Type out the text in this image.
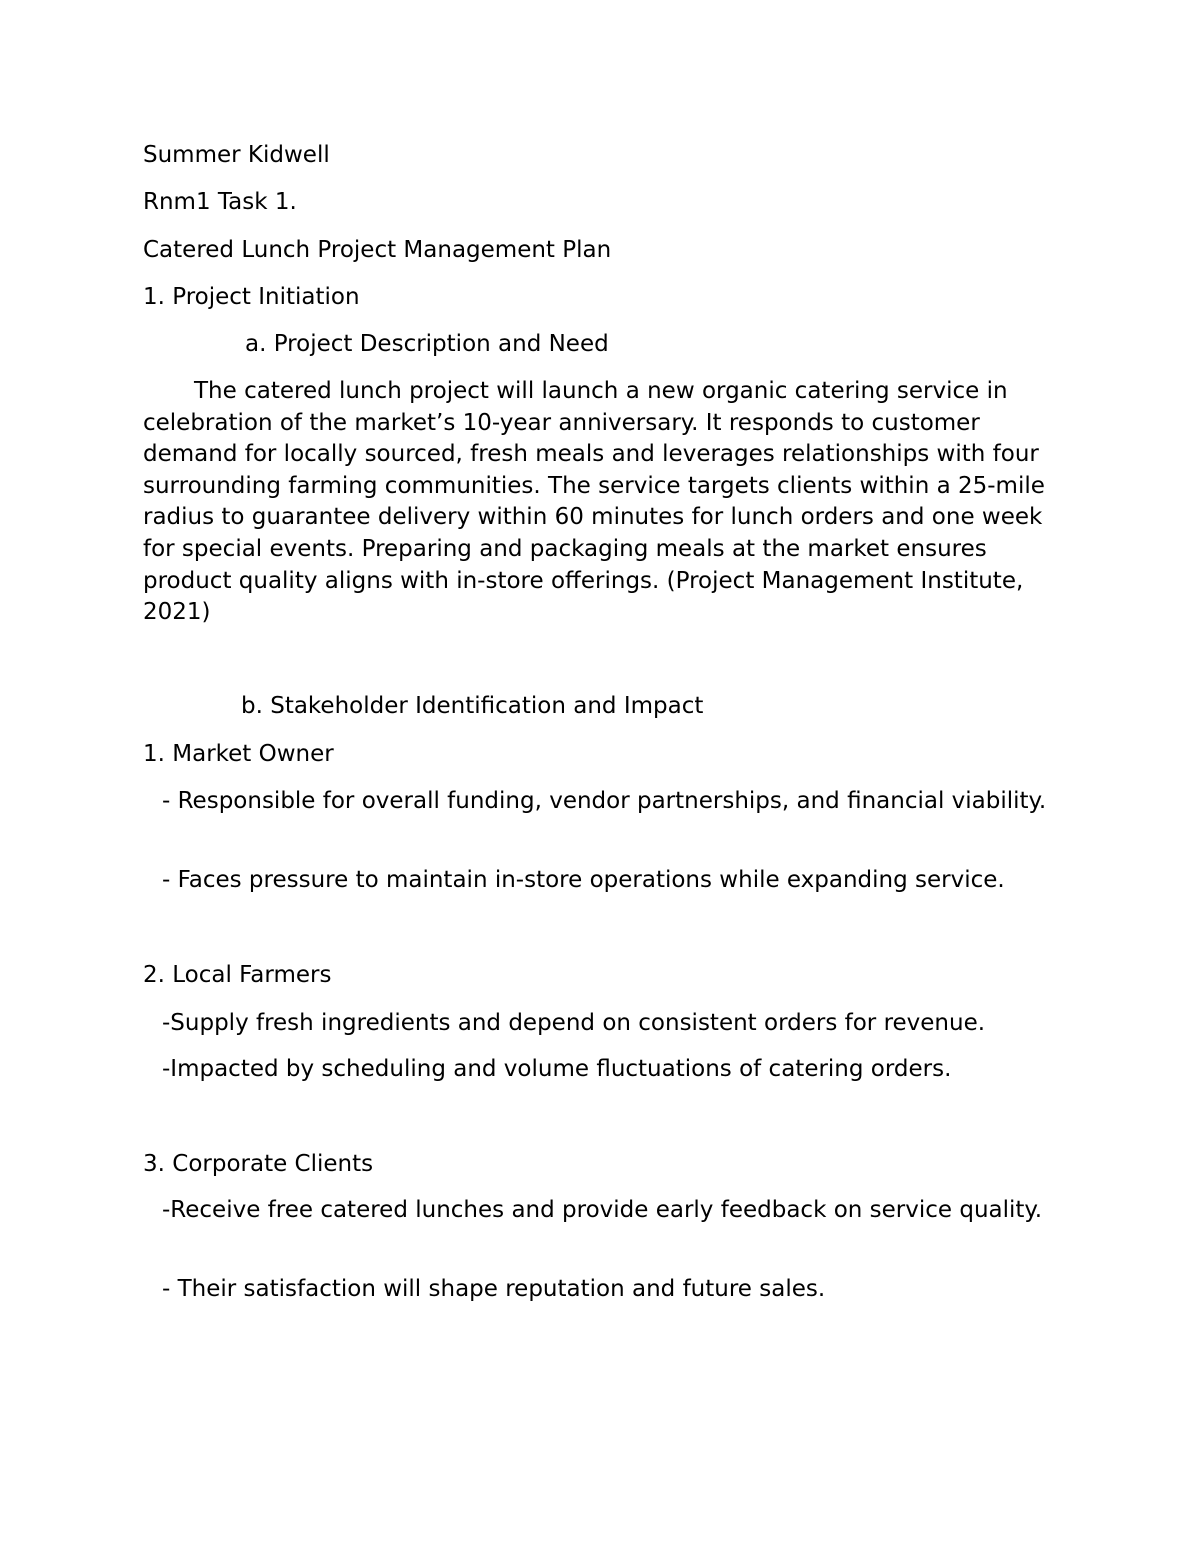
Summer Kidwell

Rnm1 Task 1.

Catered Lunch Project Management Plan

1. Project Initiation

a. Project Description and Need

The catered lunch project will launch a new organic catering service in celebration of the market’s 10-year anniversary. It responds to customer demand for locally sourced, fresh meals and leverages relationships with four surrounding farming communities. The service targets clients within a 25-mile radius to guarantee delivery within 60 minutes for lunch orders and one week for special events. Preparing and packaging meals at the market ensures product quality aligns with in-store offerings. (Project Management Institute, 2021)

b. Stakeholder Identification and Impact

1. Market Owner

- Responsible for overall funding, vendor partnerships, and financial viability.

- Faces pressure to maintain in-store operations while expanding service.

2. Local Farmers

-Supply fresh ingredients and depend on consistent orders for revenue.

-Impacted by scheduling and volume fluctuations of catering orders.

3. Corporate Clients

-Receive free catered lunches and provide early feedback on service quality.

- Their satisfaction will shape reputation and future sales.
